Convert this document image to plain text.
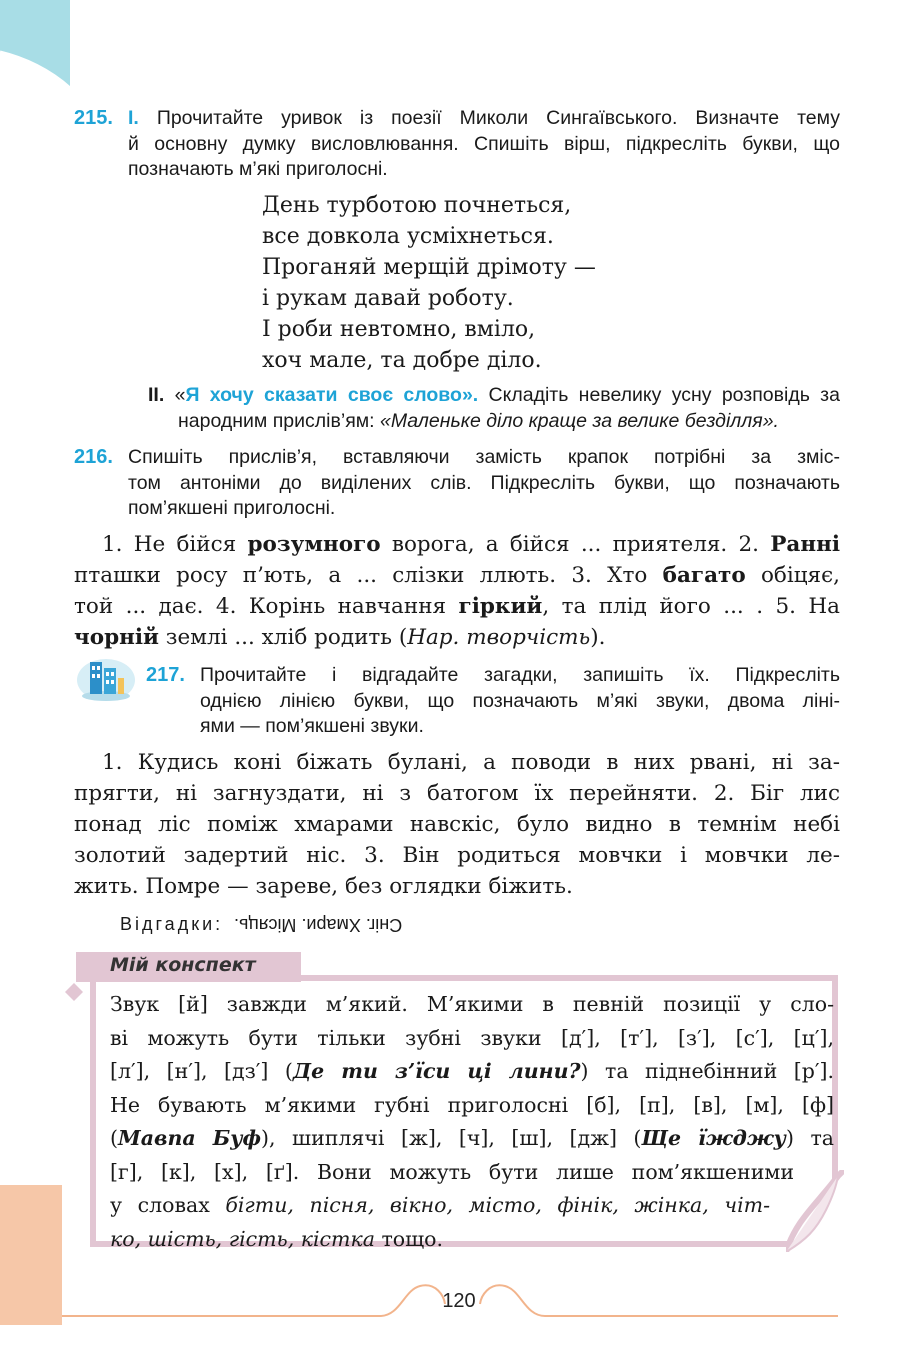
215. I. Прочитайте уривок із поезії Миколи Сингаївського. Визначте тему
й основну думку висловлювання. Спишіть вірш, підкресліть букви, що
позначають м’які приголосні.
День турботою почнеться,
все довкола усміхнеться.
Проганяй мерщій дрімоту —
і рукам давай роботу.
І роби невтомно, вміло,
хоч мале, та добре діло.
II. «Я хочу сказати своє слово». Складіть невелику усну розповідь за
народним прислів’ям: «Маленьке діло краще за велике безділля».
216. Спишіть прислів’я, вставляючи замість крапок потрібні за зміс-
том антоніми до виділених слів. Підкресліть букви, що позначають
пом’якшені приголосні.
1. Не бійся розумного ворога, а бійся ... приятеля. 2. Ранні
пташки росу п’ють, а ... слізки ллють. 3. Хто багато обіцяє,
той ... дає. 4. Корінь навчання гіркий, та плід його ... . 5. На
чорній землі ... хліб родить (Нар. творчість).
217. Прочитайте і відгадайте загадки, запишіть їх. Підкресліть
однією лінією букви, що позначають м’які звуки, двома ліні-
ями — пом’якшені звуки.
1. Кудись коні біжать булані, а поводи в них рвані, ні за-
прягти, ні загнуздати, ні з батогом їх перейняти. 2. Біг лис
понад ліс поміж хмарами навскіс, було видно в темнім небі
золотий задертий ніс. 3. Він родиться мовчки і мовчки ле-
жить. Помре — зареве, без оглядки біжить.
Відгадки: Сніг. Хмари. Місяць.
Мій конспект
Звук [й] завжди м’який. М’якими в певній позиції у сло-
ві можуть бути тільки зубні звуки [д′], [т′], [з′], [с′], [ц′],
[л′], [н′], [дз′] (Де ти з’їси ці лини?) та піднебінний [р′].
Не бувають м’якими губні приголосні [б], [п], [в], [м], [ф]
(Мавпа Буф), шиплячі [ж], [ч], [ш], [дж] (Ще їжджу) та
[г], [к], [х], [ґ]. Вони можуть бути лише пом’якшеними
у словах бігти, пісня, вікно, місто, фінік, жінка, чіт-
ко, шість, гість, кістка тощо.
120
